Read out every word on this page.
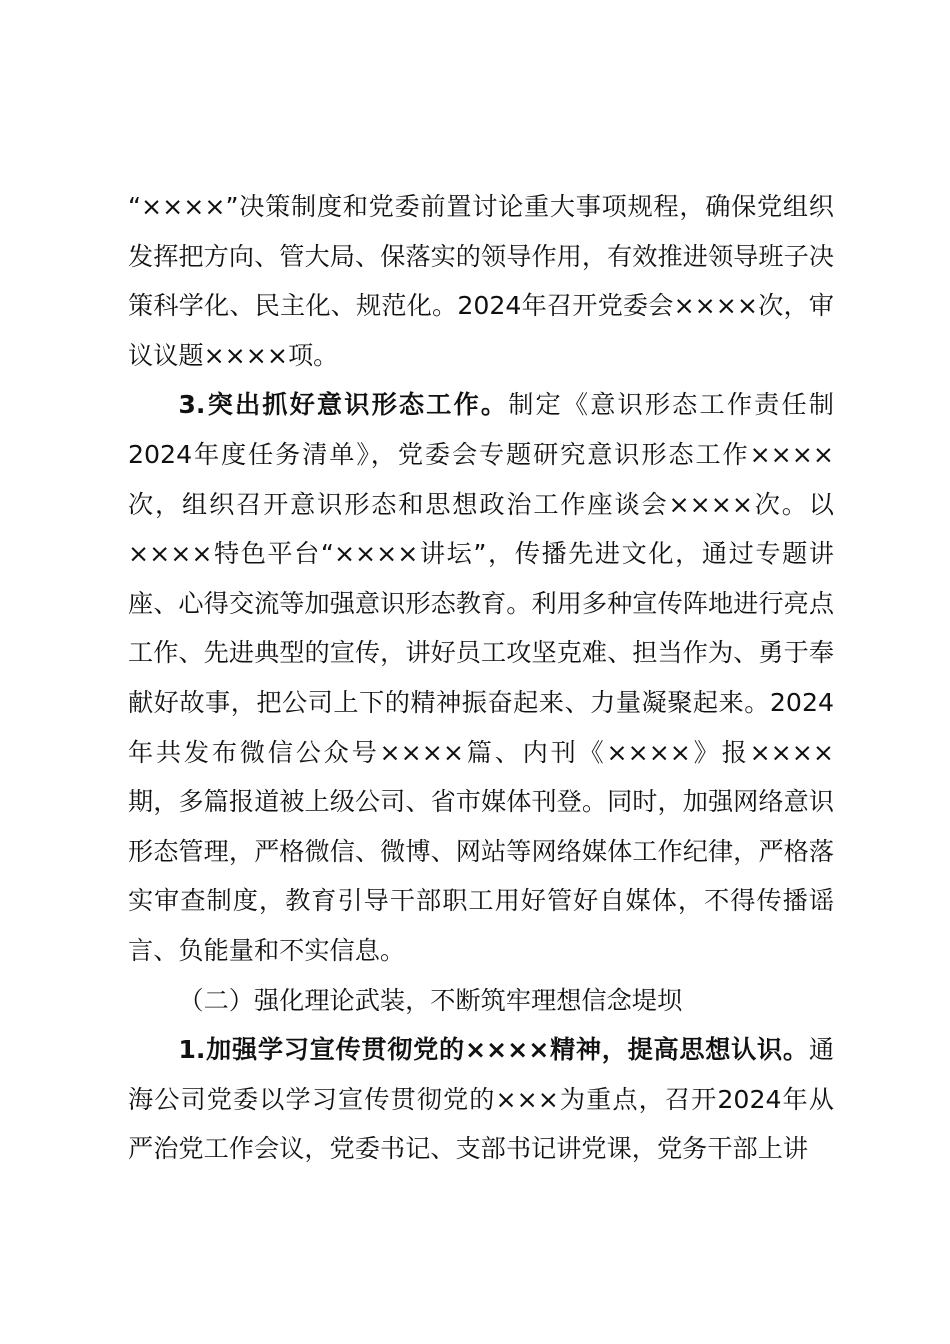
“××××”决策制度和党委前置讨论重大事项规程，确保党组织发挥把方向、管大局、保落实的领导作用，有效推进领导班子决策科学化、民主化、规范化。2024年召开党委会××××次，审议议题××××项。

3.突出抓好意识形态工作。制定《意识形态工作责任制2024年度任务清单》，党委会专题研究意识形态工作××××次，组织召开意识形态和思想政治工作座谈会××××次。以××××特色平台“××××讲坛”，传播先进文化，通过专题讲座、心得交流等加强意识形态教育。利用多种宣传阵地进行亮点工作、先进典型的宣传，讲好员工攻坚克难、担当作为、勇于奉献好故事，把公司上下的精神振奋起来、力量凝聚起来。2024年共发布微信公众号××××篇、内刊《××××》报××××期，多篇报道被上级公司、省市媒体刊登。同时，加强网络意识形态管理，严格微信、微博、网站等网络媒体工作纪律，严格落实审查制度，教育引导干部职工用好管好自媒体，不得传播谣言、负能量和不实信息。

（二）强化理论武装，不断筑牢理想信念堤坝

1.加强学习宣传贯彻党的××××精神，提高思想认识。通海公司党委以学习宣传贯彻党的×××为重点，召开2024年从严治党工作会议，党委书记、支部书记讲党课，党务干部上讲
